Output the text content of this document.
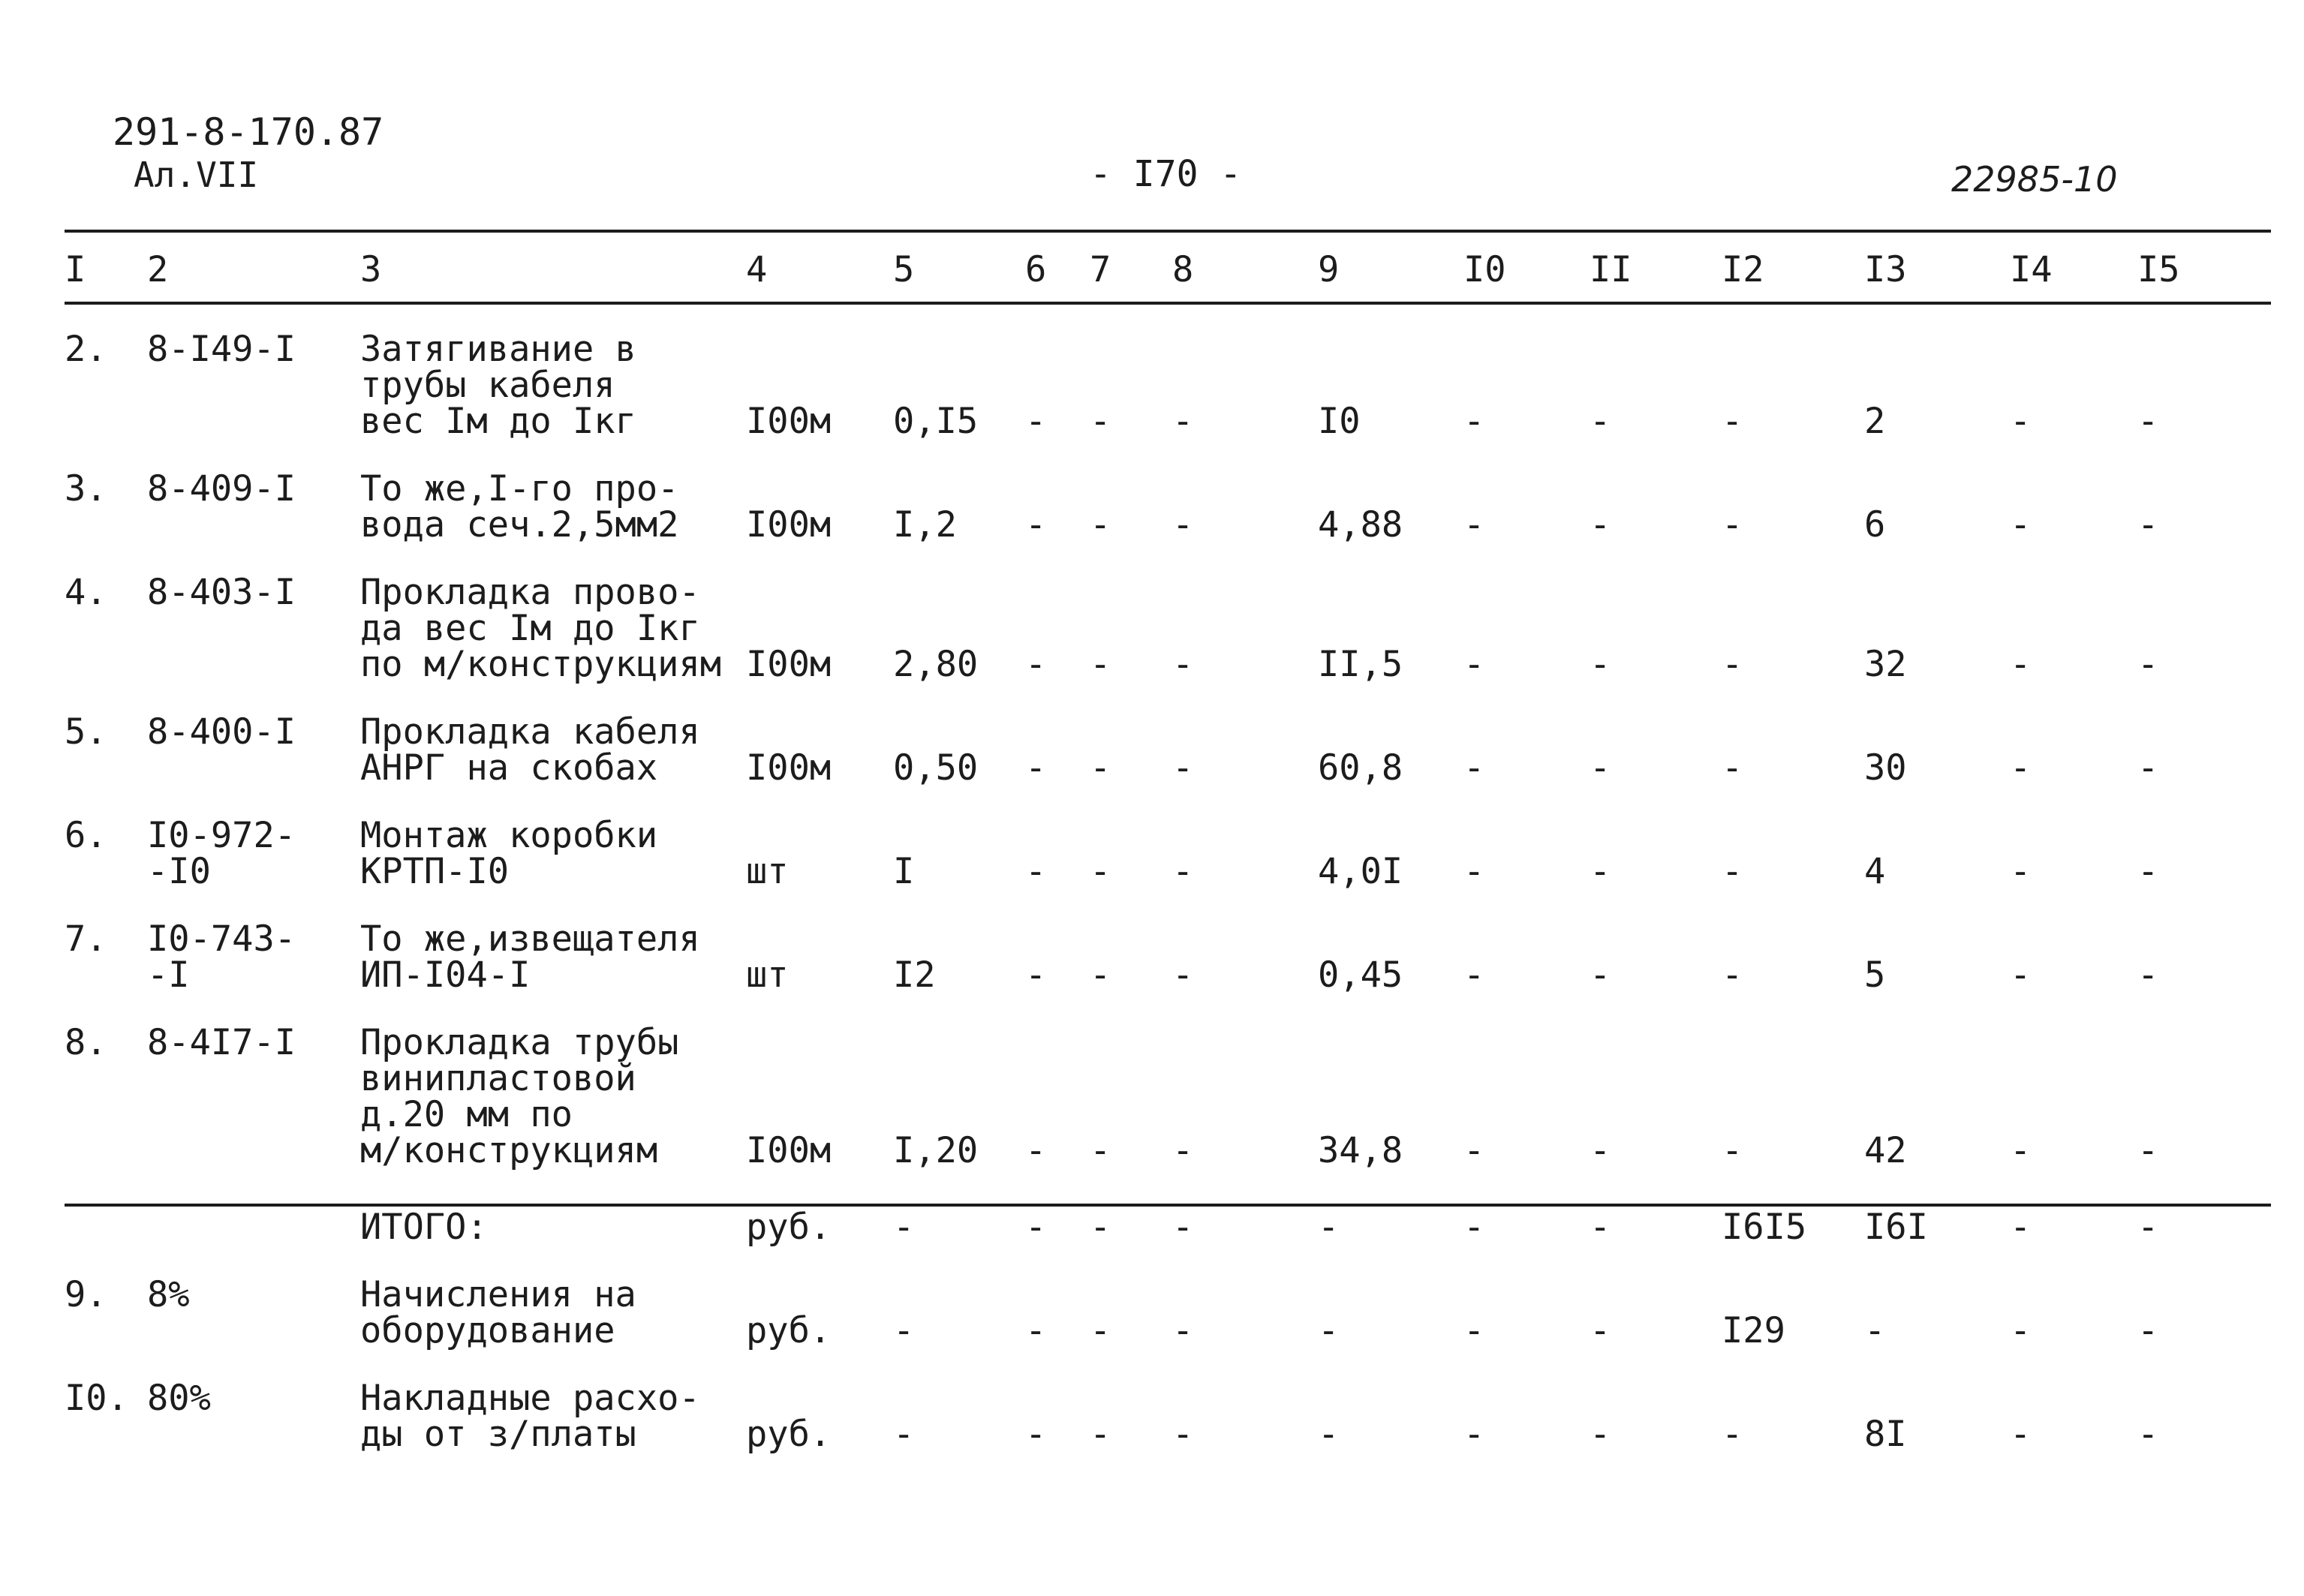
291-8-170.87
Ал.VII	- I70 -	22985-10
I	2	3	4	5	6	7	8	9	I0	II	I2	I3	I4	I5
2.	8-I49-I	Затягивание в
трубы кабеля
вес Iм до Iкг	I00м	0,I5	-	-	-	I0	-	-	-	2	-	-
3.	8-409-I	То же,I-го про-
вода сеч.2,5мм2	I00м	I,2	-	-	-	4,88	-	-	-	6	-	-
4.	8-403-I	Прокладка прово-
да вес Iм до Iкг
по м/конструкциям	I00м	2,80	-	-	-	II,5	-	-	-	32	-	-
5.	8-400-I	Прокладка кабеля
АНРГ на скобах	I00м	0,50	-	-	-	60,8	-	-	-	30	-	-
6.	I0-972-
-I0	Монтаж коробки
КРТП-I0	шт	I	-	-	-	4,0I	-	-	-	4	-	-
7.	I0-743-
-I	То же,извещателя
ИП-I04-I	шт	I2	-	-	-	0,45	-	-	-	5	-	-
8.	8-4I7-I	Прокладка трубы
винипластовой
д.20 мм по
м/конструкциям	I00м	I,20	-	-	-	34,8	-	-	-	42	-	-
		ИТОГО:	руб.	-	-	-	-	-	-	-	I6I5	I6I	-	-
9.	8%	Начисления на
оборудование	руб.	-	-	-	-	-	-	-	I29	-	-	-
I0.	80%	Накладные расхо-
ды от з/платы	руб.	-	-	-	-	-	-	-	-	8I	-	-
